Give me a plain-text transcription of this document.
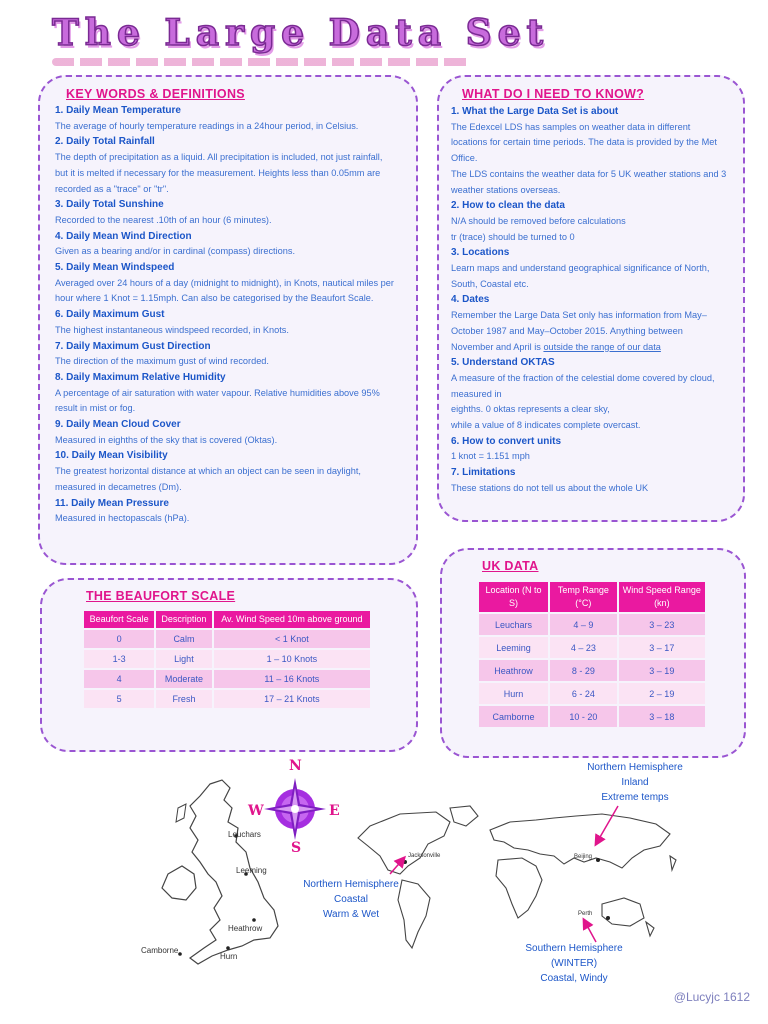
The Large Data Set
KEY WORDS & DEFINITIONS
1. Daily Mean Temperature
The average of hourly temperature readings in a 24hour period, in Celsius.
2. Daily Total Rainfall
The depth of precipitation as a liquid. All precipitation is included, not just rainfall, but it is melted if necessary for the measurement. Heights less than 0.05mm are recorded as a "trace" or "tr".
3. Daily Total Sunshine
Recorded to the nearest .10th of an hour (6 minutes).
4. Daily Mean Wind Direction
Given as a bearing and/or in cardinal (compass) directions.
5. Daily Mean Windspeed
Averaged over 24 hours of a day (midnight to midnight), in Knots, nautical miles per hour where 1 Knot = 1.15mph. Can also be categorised by the Beaufort Scale.
6. Daily Maximum Gust
The highest instantaneous windspeed recorded, in Knots.
7. Daily Maximum Gust Direction
The direction of the maximum gust of wind recorded.
8. Daily Maximum Relative Humidity
A percentage of air saturation with water vapour. Relative humidities above 95% result in mist or fog.
9. Daily Mean Cloud Cover
Measured in eighths of the sky that is covered (Oktas).
10. Daily Mean Visibility
The greatest horizontal distance at which an object can be seen in daylight, measured in decametres (Dm).
11. Daily Mean Pressure
Measured in hectopascals (hPa).
WHAT DO I NEED TO KNOW?
1. What the Large Data Set is about
The Edexcel LDS has samples on weather data in different locations for certain time periods. The data is provided by the Met Office.
The LDS contains the weather data for 5 UK weather stations and 3 weather stations overseas.
2. How to clean the data
N/A should be removed before calculations
tr (trace) should be turned to 0
3. Locations
Learn maps and understand geographical significance of North, South, Coastal etc.
4. Dates
Remember the Large Data Set only has information from May–October 1987 and May–October 2015. Anything between November and April is outside the range of our data
5. Understand OKTAS
A measure of the fraction of the celestial dome covered by cloud, measured in
eighths. 0 oktas represents a clear sky,
while a value of 8 indicates complete overcast.
6. How to convert units
1 knot = 1.151 mph
7. Limitations
These stations do not tell us about the whole UK
THE BEAUFORT SCALE
Beaufort Scale	Description	Av. Wind Speed 10m above ground
0	Calm	< 1 Knot
1-3	Light	1 – 10 Knots
4	Moderate	11 – 16 Knots
5	Fresh	17 – 21 Knots
UK DATA
Location (N to S)	Temp Range (°C)	Wind Speed Range (kn)
Leuchars	4 – 9	3 – 23
Leeming	4 – 23	3 – 17
Heathrow	8 - 29	3 – 19
Hurn	6 - 24	2 – 19
Camborne	10 - 20	3 – 18
Leuchars
Leeming
Heathrow
Camborne
Hurn
N
E
S
W
Jacksonville	Beijing
Perth
Northern Hemisphere
Inland
Extreme temps
Northern Hemisphere
Coastal
Warm & Wet
Southern Hemisphere
(WINTER)
Coastal, Windy
@Lucyjc 1612
